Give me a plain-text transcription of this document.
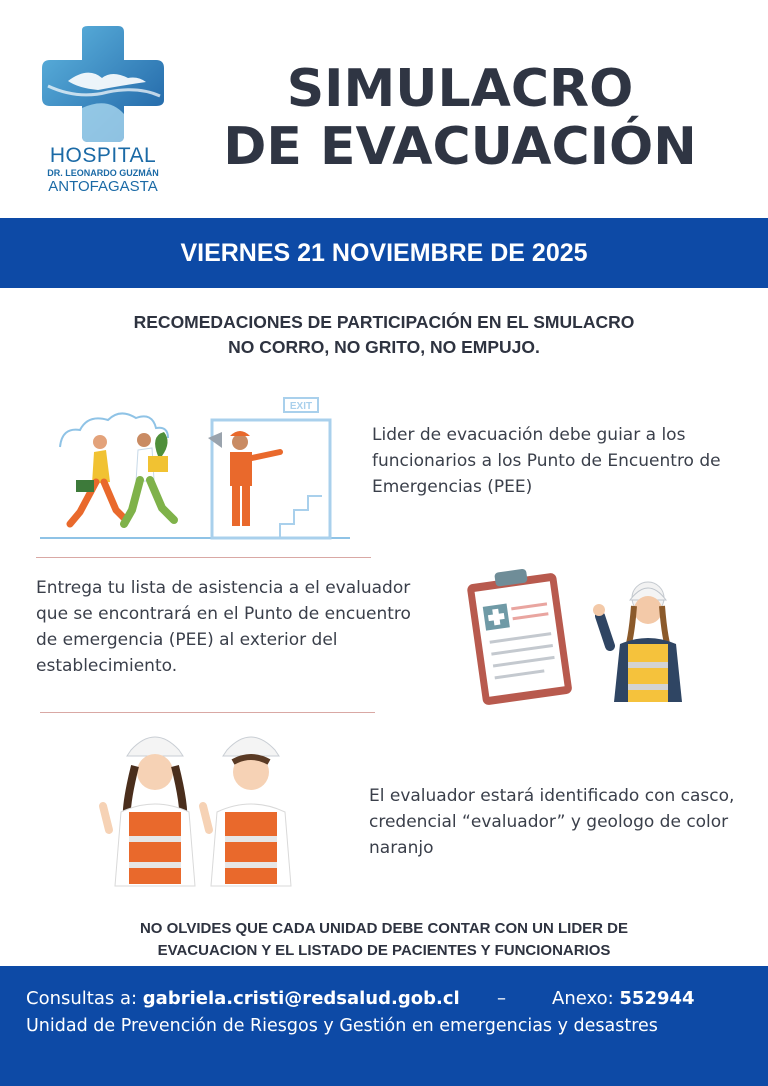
HOSPITAL
DR. LEONARDO GUZMÁN
ANTOFAGASTA
SIMULACRO
DE EVACUACIÓN
VIERNES 21 NOVIEMBRE DE 2025
RECOMEDACIONES DE PARTICIPACIÓN EN EL SMULACRO
NO CORRO, NO GRITO, NO EMPUJO.
EXIT
Lider de evacuación debe guiar a los funcionarios a los Punto de Encuentro de Emergencias (PEE)
Entrega tu lista de asistencia a el evaluador que se encontrará en el Punto de encuentro de emergencia (PEE) al exterior del establecimiento.
El evaluador estará identificado con casco, credencial “evaluador” y geologo de color naranjo
NO OLVIDES QUE CADA UNIDAD DEBE CONTAR CON UN LIDER DE
EVACUACION Y EL LISTADO DE PACIENTES Y FUNCIONARIOS
Consultas a: gabriela.cristi@redsalud.gob.cl –	Anexo: 552944
Unidad de Prevención de Riesgos y Gestión en emergencias y desastres
